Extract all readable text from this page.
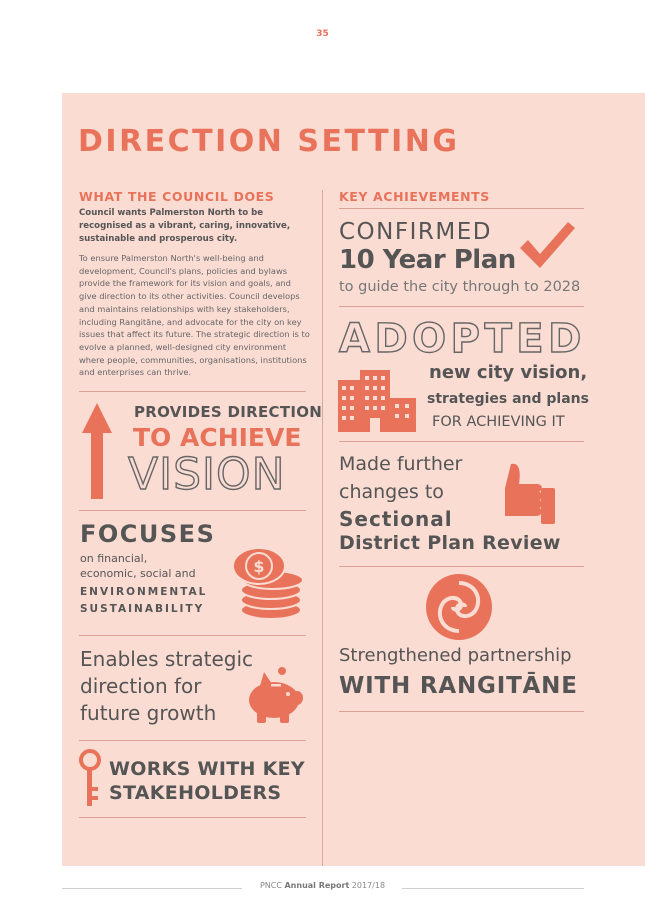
35
DIRECTION SETTING
WHAT THE COUNCIL DOES
Council wants Palmerston North to be recognised as a vibrant, caring, innovative, sustainable and prosperous city.
To ensure Palmerston North's well-being and development, Council's plans, policies and bylaws provide the framework for its vision and goals, and give direction to its other activities. Council develops and maintains relationships with key stakeholders, including Rangitāne, and advocate for the city on key issues that affect its future. The strategic direction is to evolve a planned, well-designed city environment where people, communities, organisations, institutions and enterprises can thrive.
PROVIDES DIRECTION
TO ACHIEVE
VISION
FOCUSES
on financial,
economic, social and
ENVIRONMENTAL
SUSTAINABILITY
$
Enables strategic
direction for
future growth
WORKS WITH KEY
STAKEHOLDERS
KEY ACHIEVEMENTS
CONFIRMED
10 Year Plan
to guide the city through to 2028
ADOPTED
new city vision,
strategies and plans
FOR ACHIEVING IT
Made further
changes to
Sectional
District Plan Review
Strengthened partnership
WITH RANGITĀNE
PNCC Annual Report 2017/18
